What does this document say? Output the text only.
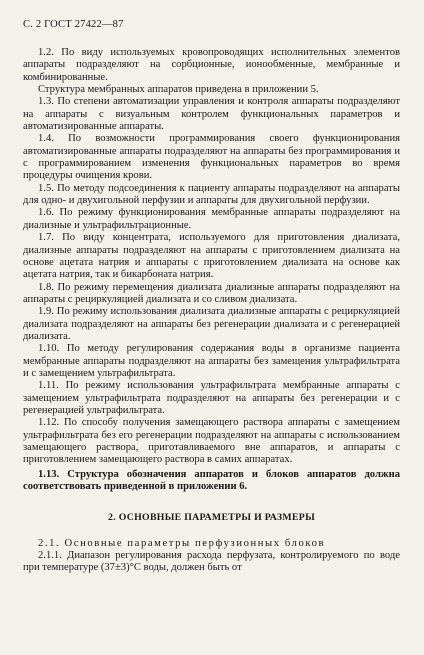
С. 2 ГОСТ 27422—87

1.2. По виду используемых кровопроводящих исполнительных элементов аппараты подразделяют на сорбционные, ионообменные, мембранные и комбинированные.

Структура мембранных аппаратов приведена в приложении 5.

1.3. По степени автоматизации управления и контроля аппараты подразделяют на аппараты с визуальным контролем функциональных параметров и автоматизированные аппараты.

1.4. По возможности программирования своего функционирования автоматизированные аппараты подразделяют на аппараты без программирования и с программированием изменения функциональных параметров во время процедуры очищения крови.

1.5. По методу подсоединения к пациенту аппараты подразделяют на аппараты для одно- и двухигольной перфузии и аппараты для двухигольной перфузии.

1.6. По режиму функционирования мембранные аппараты подразделяют на диализные и ультрафильтрационные.

1.7. По виду концентрата, используемого для приготовления диализата, диализные аппараты подразделяют на аппараты с приготовлением диализата на основе ацетата натрия и аппараты с приготовлением диализата на основе как ацетата натрия, так и бикарбоната натрия.

1.8. По режиму перемещения диализата диализные аппараты подразделяют на аппараты с рециркуляцией диализата и со сливом диализата.

1.9. По режиму использования диализата диализные аппараты с рециркуляцией диализата подразделяют на аппараты без регенерации диализата и с регенерацией диализата.

1.10. По методу регулирования содержания воды в организме пациента мембранные аппараты подразделяют на аппараты без замещения ультрафильтрата и с замещением ультрафильтрата.

1.11. По режиму использования ультрафильтрата мембранные аппараты с замещением ультрафильтрата подразделяют на аппараты без регенерации и с регенерацией ультрафильтрата.

1.12. По способу получения замещающего раствора аппараты с замещением ультрафильтрата без его регенерации подразделяют на аппараты с использованием замещающего раствора, приготавливаемого вне аппаратов, и аппараты с приготовлением замещающего раствора в самих аппаратах.

1.13. Структура обозначения аппаратов и блоков аппаратов должна соответствовать приведенной в приложении 6.

2. ОСНОВНЫЕ ПАРАМЕТРЫ И РАЗМЕРЫ

2.1. Основные параметры перфузионных блоков

2.1.1. Диапазон регулирования расхода перфузата, контролируемого по воде при температуре (37±3)°С воды, должен быть от
